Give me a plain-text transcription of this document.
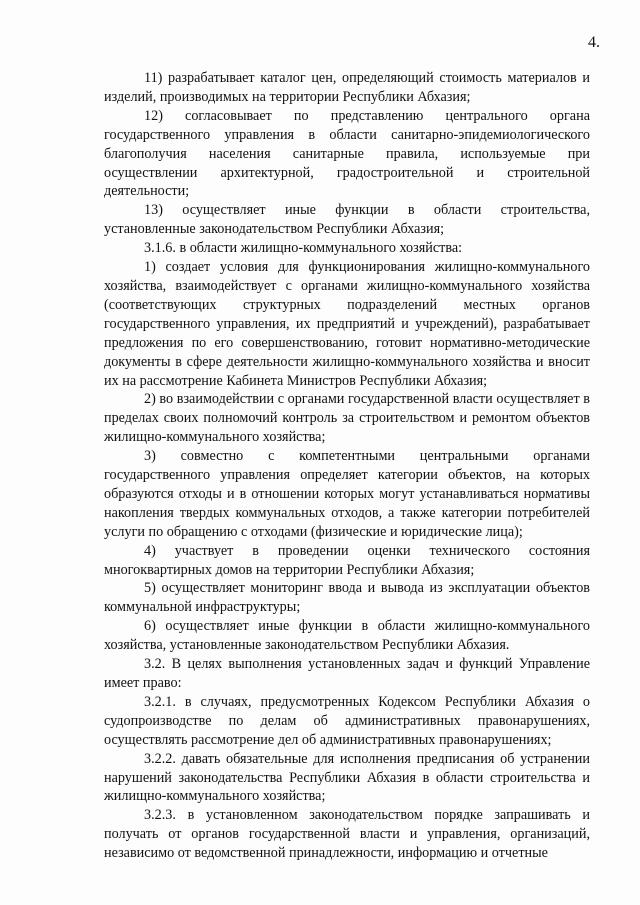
4.

11) разрабатывает каталог цен, определяющий стоимость материалов и изделий, производимых на территории Республики Абхазия;

12) согласовывает по представлению центрального органа государственного управления в области санитарно-эпидемиологического благополучия населения санитарные правила, используемые при осуществлении архитектурной, градостроительной и строительной деятельности;

13) осуществляет иные функции в области строительства, установленные законодательством Республики Абхазия;

3.1.6. в области жилищно-коммунального хозяйства:

1) создает условия для функционирования жилищно-коммунального хозяйства, взаимодействует с органами жилищно-коммунального хозяйства (соответствующих структурных подразделений местных органов государственного управления, их предприятий и учреждений), разрабатывает предложения по его совершенствованию, готовит нормативно-методические документы в сфере деятельности жилищно-коммунального хозяйства и вносит их на рассмотрение Кабинета Министров Республики Абхазия;

2) во взаимодействии с органами государственной власти осуществляет в пределах своих полномочий контроль за строительством и ремонтом объектов жилищно-коммунального хозяйства;

3) совместно с компетентными центральными органами государственного управления определяет категории объектов, на которых образуются отходы и в отношении которых могут устанавливаться нормативы накопления твердых коммунальных отходов, а также категории потребителей услуги по обращению с отходами (физические и юридические лица);

4) участвует в проведении оценки технического состояния многоквартирных домов на территории Республики Абхазия;

5) осуществляет мониторинг ввода и вывода из эксплуатации объектов коммунальной инфраструктуры;

6) осуществляет иные функции в области жилищно-коммунального хозяйства, установленные законодательством Республики Абхазия.

3.2. В целях выполнения установленных задач и функций Управление имеет право:

3.2.1. в случаях, предусмотренных Кодексом Республики Абхазия о судопроизводстве по делам об административных правонарушениях, осуществлять рассмотрение дел об административных правонарушениях;

3.2.2. давать обязательные для исполнения предписания об устранении нарушений законодательства Республики Абхазия в области строительства и жилищно-коммунального хозяйства;

3.2.3. в установленном законодательством порядке запрашивать и получать от органов государственной власти и управления, организаций, независимо от ведомственной принадлежности, информацию и отчетные
